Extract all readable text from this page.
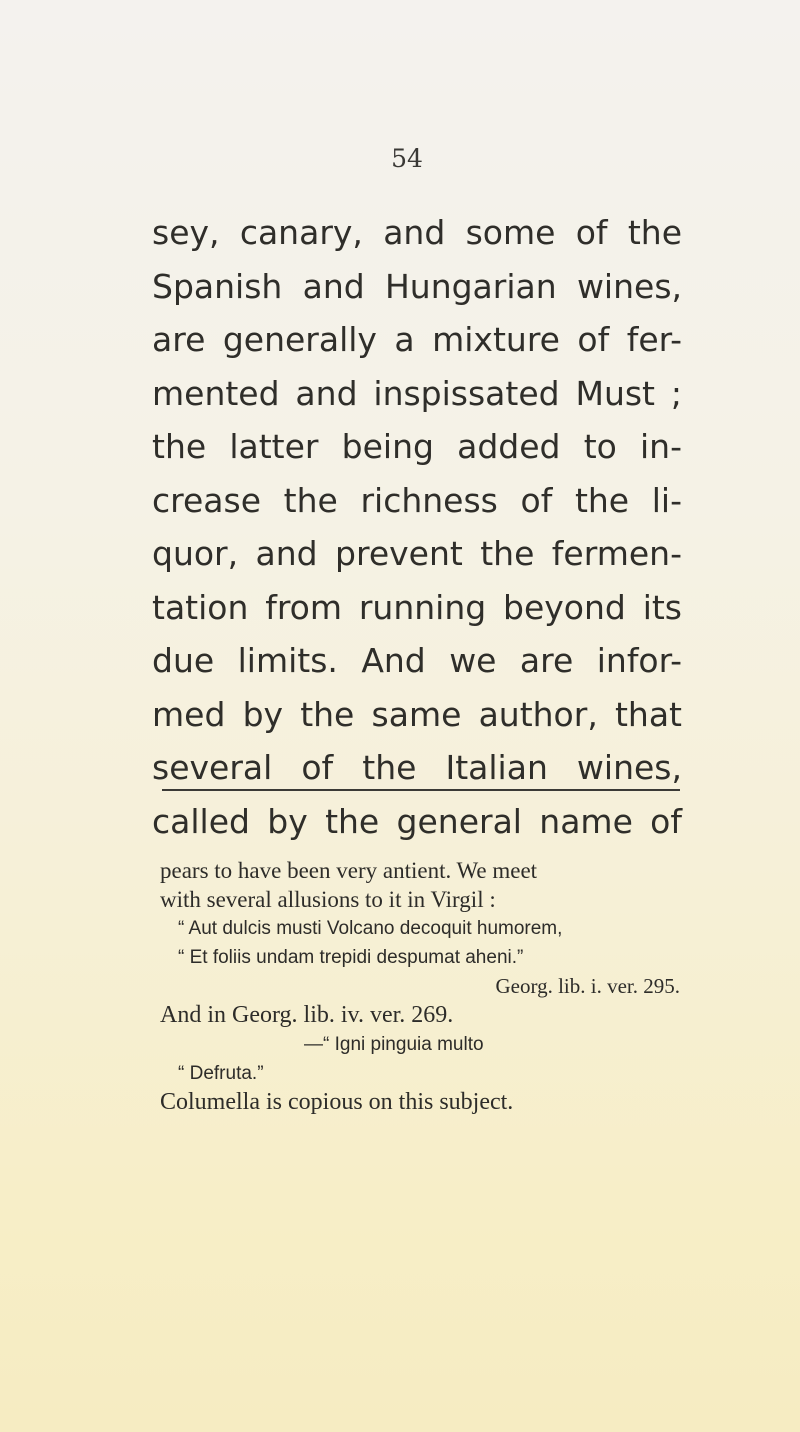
54
sey, canary, and some of the
Spanish and Hungarian wines,
are generally a mixture of fer-
mented and inspissated Must ;
the latter being added to in-
crease the richness of the li-
quor, and prevent the fermen-
tation from running beyond its
due limits. And we are infor-
med by the same author, that
several of the Italian wines,
called by the general name of
pears to have been very antient. We meet
with several allusions to it in Virgil :
“ Aut dulcis musti Volcano decoquit humorem,
“ Et foliis undam trepidi despumat aheni.”
Georg. lib. i. ver. 295.
And in Georg. lib. iv. ver. 269.
—“ Igni pinguia multo
“ Defruta.”
Columella is copious on this subject.
